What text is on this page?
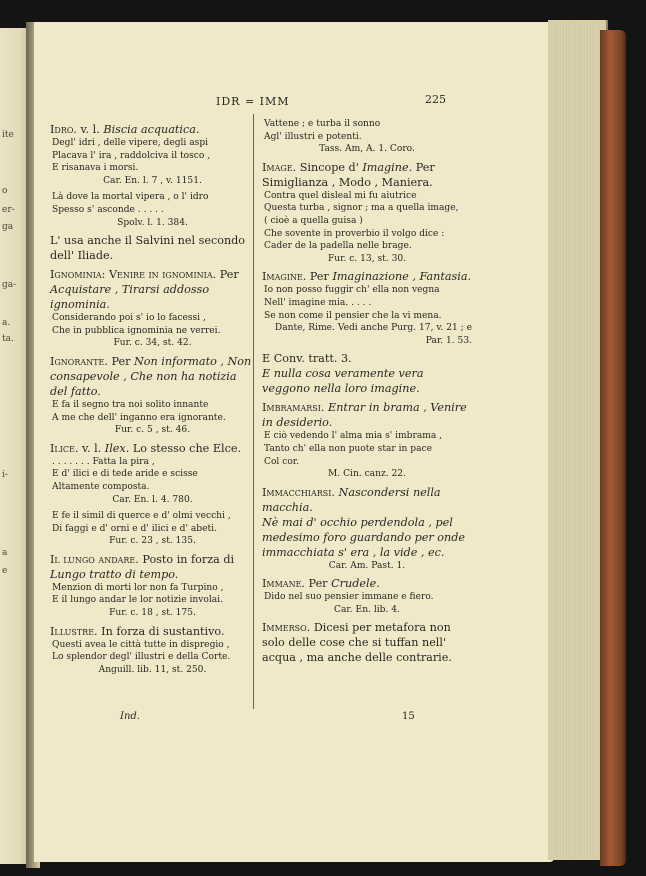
IDR = IMM	225
ite
o
er-
ga
ga-
a.
ta.
i-
a
e

Idro. v. l. Biscia acquatica.

Degl' idri , delle vipere, degli aspi

Placava l' ira , raddolciva il tosco ,

E risanava i morsi.

Car. En. l. 7 , v. 1151.

Là dove la mortal vipera , o l' idro

Spesso s' asconde . . . . .

Spolv. l. 1. 384.

L' usa anche il Salvini nel secondo dell' Iliade.

Ignominia: Venire in ignominia. Per Acquistare , Tirarsi addosso ignominia.

Considerando poi s' io lo facessi ,

Che in pubblica ignominia ne verrei.

Fur. c. 34, st. 42.

Ignorante. Per Non informato , Non consapevole , Che non ha notizia del fatto.

E fa il segno tra noi solito innante

A me che dell' inganno era ignorante.

Fur. c. 5 , st. 46.

Ilice. v. l. Ilex. Lo stesso che Elce.

. . . . . . . Fatta la pira ,

E d' ilici e di tede aride e scisse

Altamente composta.

Car. En. l. 4. 780.

E fe il simil di querce e d' olmi vecchi ,

Di faggi e d' orni e d' ilici e d' abeti.

Fur. c. 23 , st. 135.

Il lungo andare. Posto in forza di Lungo tratto di tempo.

Menzion di morti lor non fa Turpino ,

E il lungo andar le lor notizie involai.

Fur. c. 18 , st. 175.

Illustre. In forza di sustantivo.

Questi avea le città tutte in dispregio ,

Lo splendor degl' illustri e della Corte.

Anguill. lib. 11, st. 250.

Vattene ; e turba il sonno

Agl' illustri e potenti.

Tass. Am, A. 1. Coro.

Image. Sincope d' Imagine. Per Simiglianza , Modo , Maniera.

Contra quel disleal mi fu aiutrice

Questa turba , signor ; ma a quella image,

( cioè a quella guisa )

Che sovente in proverbio il volgo dice :

Cader de la padella nelle brage.

Fur. c. 13, st. 30.

Imagine. Per Imaginazione , Fantasia.

Io non posso fuggir ch' ella non vegna

Nell' imagine mia. . . . .

Se non come il pensier che la vi mena.

Dante, Rime. Vedi anche Purg. 17, v. 21 ; e Par. 1. 53.

E Conv. tratt. 3.

E nulla cosa veramente vera veggono nella loro imagine.

Imbramarsi. Entrar in brama , Venire in desiderio.

E ciò vedendo l' alma mia s' imbrama ,

Tanto ch' ella non puote star in pace

Col cor.

M. Cin. canz. 22.

Immacchiarsi. Nascondersi nella macchia.

Nè mai d' occhio perdendola , pel medesimo foro guardando per onde immacchiata s' era , la vide , ec.

Car. Am. Past. 1.

Immane. Per Crudele.

Dido nel suo pensier immane e fiero.

Car. En. lib. 4.

Immerso. Dicesi per metafora non solo delle cose che si tuffan nell' acqua , ma anche delle contrarie.

Ind.	15
